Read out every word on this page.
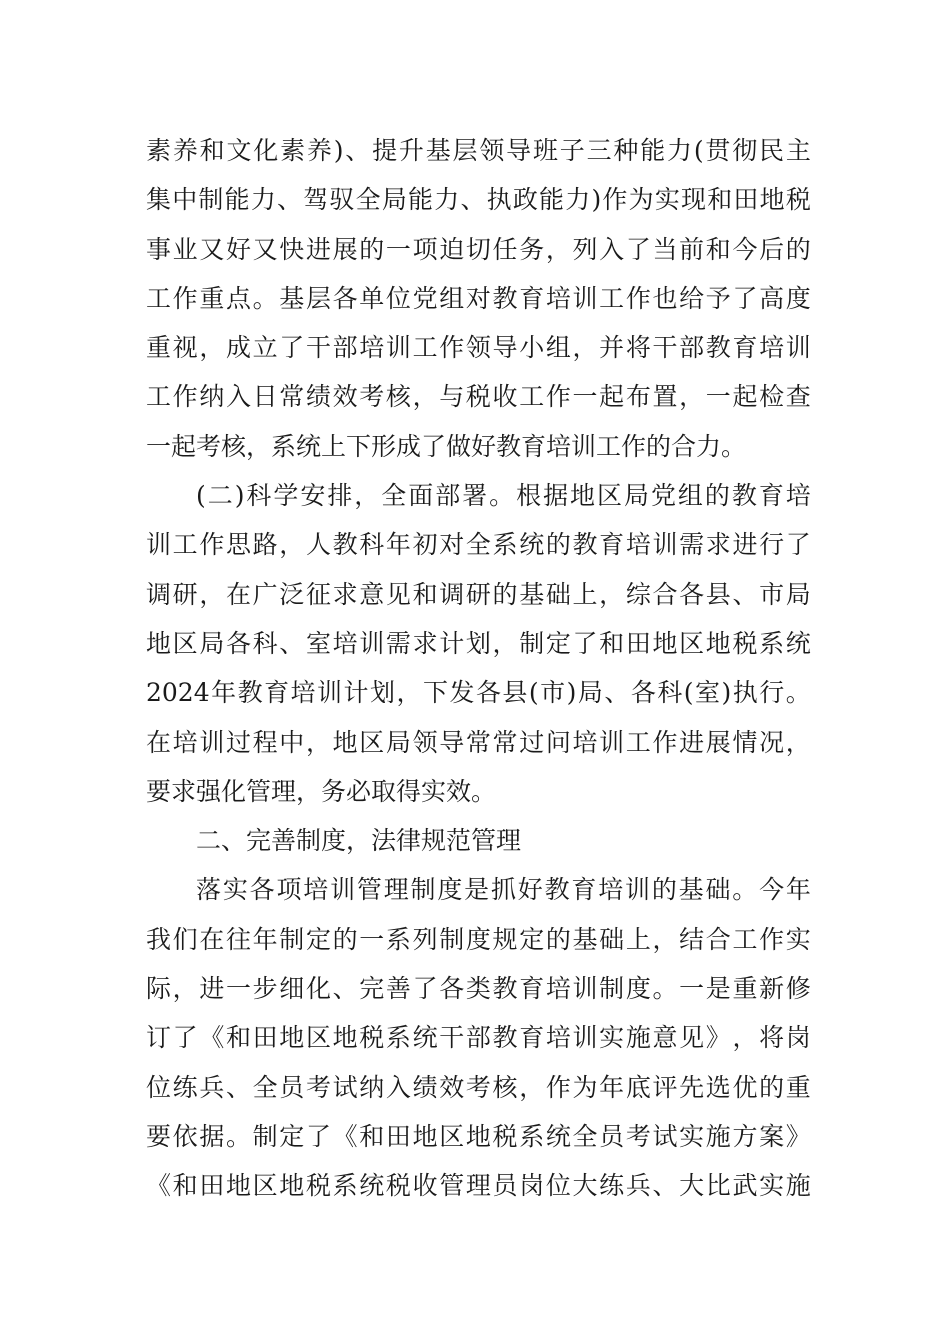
素 养 和 文 化 素 养 ) 、 提 升 基 层 领 导 班 子 三 种 能 力 ( 贯 彻 民 主
集 中 制 能 力 、 驾 驭 全 局 能 力 、 执 政 能 力 ) 作 为 实 现 和 田 地 税
事 业 又 好 又 快 进 展 的 一 项 迫 切 任 务 ， 列 入 了 当 前 和 今 后 的
工 作 重 点 。 基 层 各 单 位 党 组 对 教 育 培 训 工 作 也 给 予 了 高 度
重 视 ， 成 立 了 干 部 培 训 工 作 领 导 小 组 ， 并 将 干 部 教 育 培 训
工 作 纳 入 日 常 绩 效 考 核 ， 与 税 收 工 作 一 起 布 置 ， 一 起 检 查
一起考核，系统上下形成了做好教育培训工作的合力。
( 二 ) 科 学 安 排 ， 全 面 部 署 。 根 据 地 区 局 党 组 的 教 育 培
训 工 作 思 路 ， 人 教 科 年 初 对 全 系 统 的 教 育 培 训 需 求 进 行 了
调 研 ， 在 广 泛 征 求 意 见 和 调 研 的 基 础 上 ， 综 合 各 县 、 市 局
地 区 局 各 科 、 室 培 训 需 求 计 划 ， 制 定 了 和 田 地 区 地 税 系 统
2024 年 教 育 培 训 计 划 ， 下 发 各 县 ( 市 ) 局 、 各 科 ( 室 ) 执 行 。
在 培 训 过 程 中 ， 地 区 局 领 导 常 常 过 问 培 训 工 作 进 展 情 况 ，
要求强化管理，务必取得实效。
二、完善制度，法律规范管理
落 实 各 项 培 训 管 理 制 度 是 抓 好 教 育 培 训 的 基 础 。 今 年
我 们 在 往 年 制 定 的 一 系 列 制 度 规 定 的 基 础 上 ， 结 合 工 作 实
际 ， 进 一 步 细 化 、 完 善 了 各 类 教 育 培 训 制 度 。 一 是 重 新 修
订 了 《 和 田 地 区 地 税 系 统 干 部 教 育 培 训 实 施 意 见 》 ， 将 岗
位 练 兵 、 全 员 考 试 纳 入 绩 效 考 核 ， 作 为 年 底 评 先 选 优 的 重
要 依 据 。 制 定 了 《 和 田 地 区 地 税 系 统 全 员 考 试 实 施 方 案 》
《 和 田 地 区 地 税 系 统 税 收 管 理 员 岗 位 大 练 兵 、 大 比 武 实 施
